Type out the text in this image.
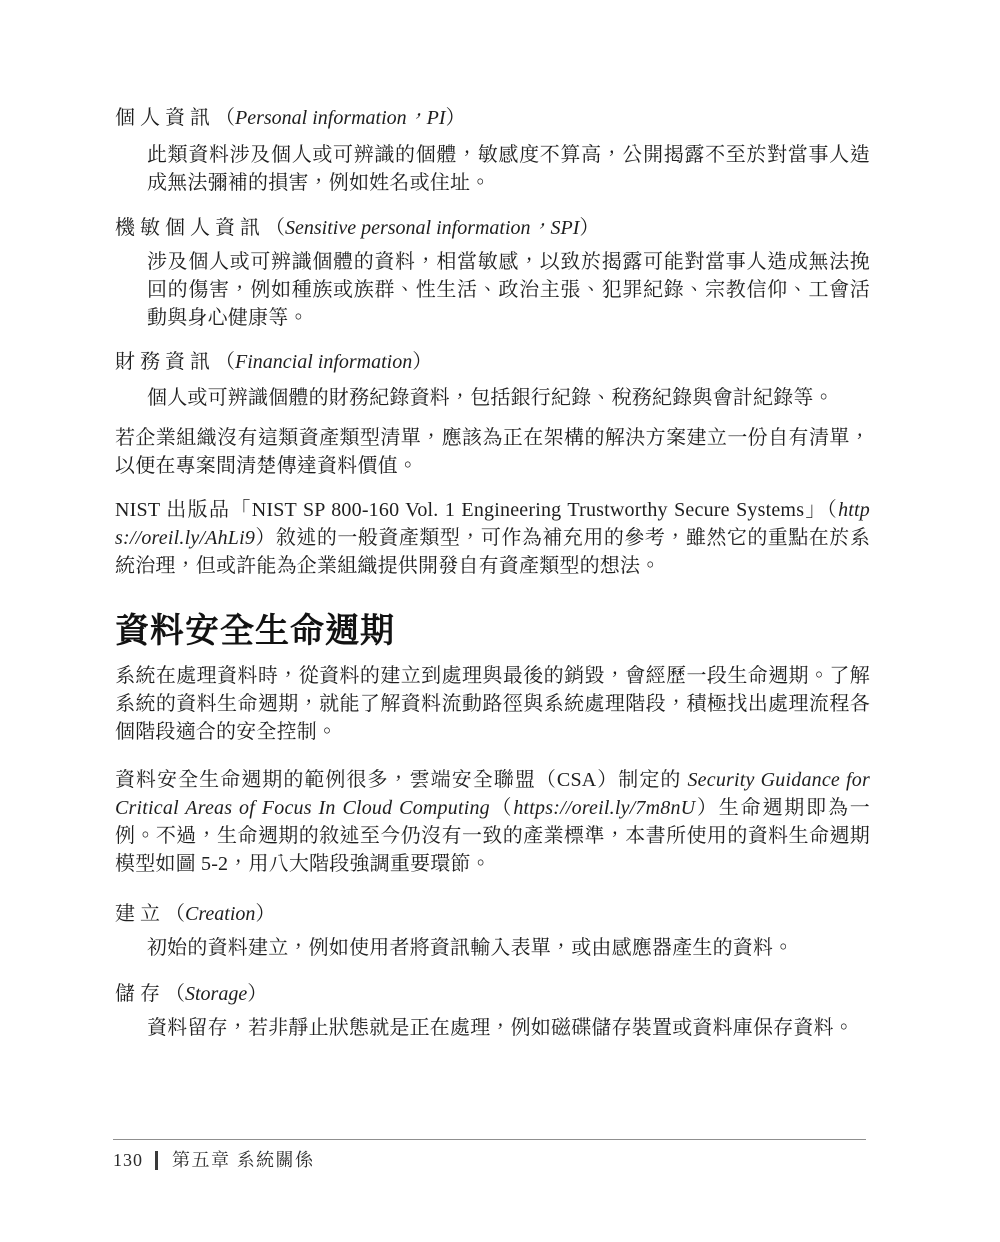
個人資訊（Personal information，PI）
此類資料涉及個人或可辨識的個體，敏感度不算高，公開揭露不至於對當事人造成無法彌補的損害，例如姓名或住址。
機敏個人資訊（Sensitive personal information，SPI）
涉及個人或可辨識個體的資料，相當敏感，以致於揭露可能對當事人造成無法挽回的傷害，例如種族或族群、性生活、政治主張、犯罪紀錄、宗教信仰、工會活動與身心健康等。
財務資訊（Financial information）
個人或可辨識個體的財務紀錄資料，包括銀行紀錄、稅務紀錄與會計紀錄等。

若企業組織沒有這類資產類型清單，應該為正在架構的解決方案建立一份自有清單，以便在專案間清楚傳達資料價值。

NIST 出版品「NIST SP 800-160 Vol. 1 Engineering Trustworthy Secure Systems」（https://oreil.ly/AhLi9）敘述的一般資產類型，可作為補充用的參考，雖然它的重點在於系統治理，但或許能為企業組織提供開發自有資產類型的想法。

資料安全生命週期

系統在處理資料時，從資料的建立到處理與最後的銷毀，會經歷一段生命週期。了解系統的資料生命週期，就能了解資料流動路徑與系統處理階段，積極找出處理流程各個階段適合的安全控制。

資料安全生命週期的範例很多，雲端安全聯盟（CSA）制定的 Security Guidance for Critical Areas of Focus In Cloud Computing（https://oreil.ly/7m8nU）生命週期即為一例。不過，生命週期的敘述至今仍沒有一致的產業標準，本書所使用的資料生命週期模型如圖 5-2，用八大階段強調重要環節。

建立（Creation）
初始的資料建立，例如使用者將資訊輸入表單，或由感應器產生的資料。
儲存（Storage）
資料留存，若非靜止狀態就是正在處理，例如磁碟儲存裝置或資料庫保存資料。
130 第五章 系統關係
